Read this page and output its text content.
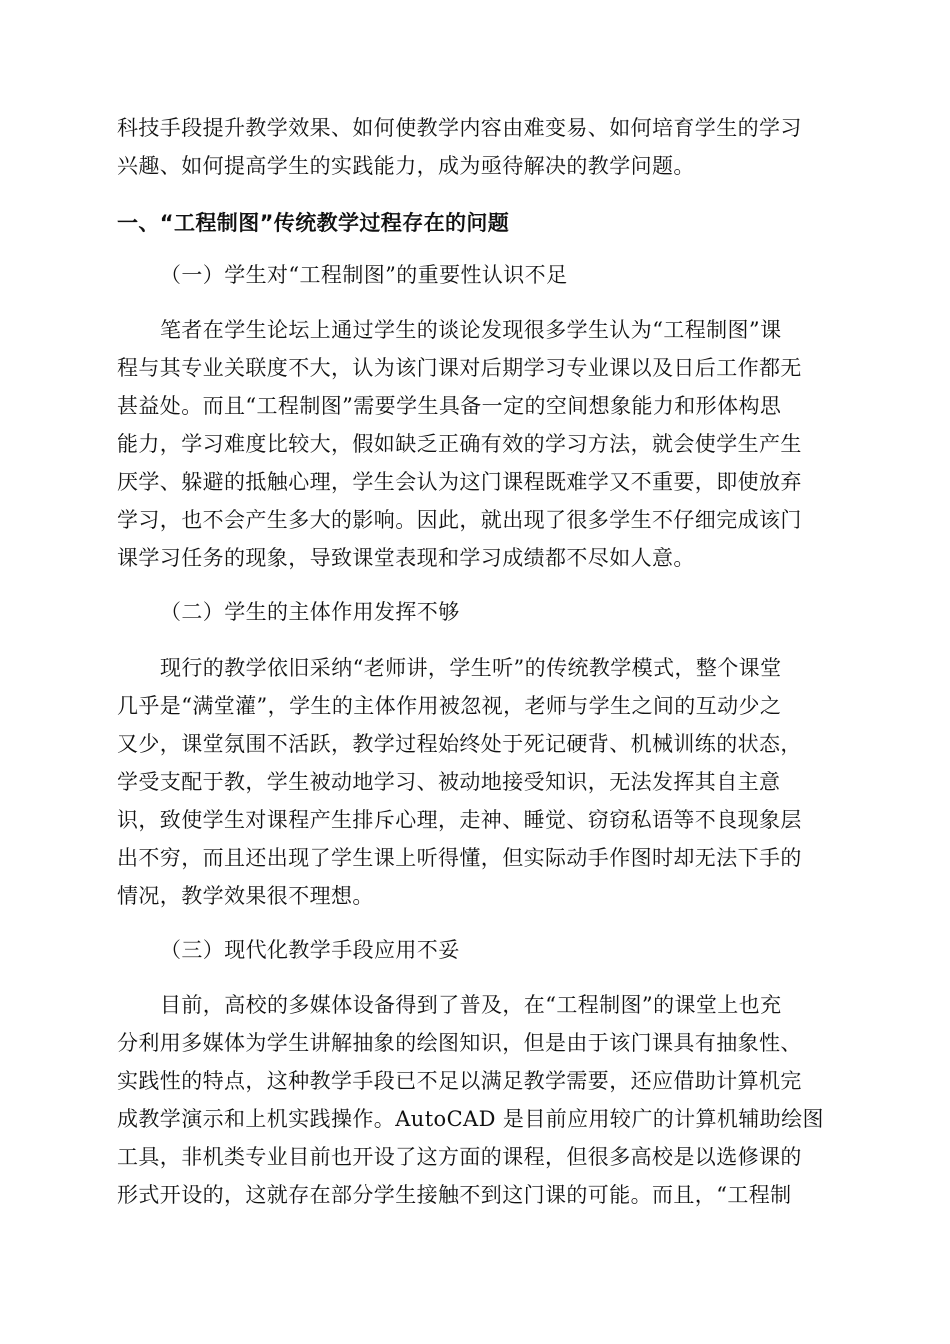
科技手段提升教学效果、如何使教学内容由难变易、如何培育学生的学习
兴趣、如何提高学生的实践能力，成为亟待解决的教学问题。
一、“工程制图”传统教学过程存在的问题
（一）学生对“工程制图”的重要性认识不足
笔者在学生论坛上通过学生的谈论发现很多学生认为“工程制图”课
程与其专业关联度不大，认为该门课对后期学习专业课以及日后工作都无
甚益处。而且“工程制图”需要学生具备一定的空间想象能力和形体构思
能力，学习难度比较大，假如缺乏正确有效的学习方法，就会使学生产生
厌学、躲避的抵触心理，学生会认为这门课程既难学又不重要，即使放弃
学习，也不会产生多大的影响。因此，就出现了很多学生不仔细完成该门
课学习任务的现象，导致课堂表现和学习成绩都不尽如人意。
（二）学生的主体作用发挥不够
现行的教学依旧采纳“老师讲，学生听”的传统教学模式，整个课堂
几乎是“满堂灌”，学生的主体作用被忽视，老师与学生之间的互动少之
又少，课堂氛围不活跃，教学过程始终处于死记硬背、机械训练的状态，
学受支配于教，学生被动地学习、被动地接受知识，无法发挥其自主意
识，致使学生对课程产生排斥心理，走神、睡觉、窃窃私语等不良现象层
出不穷，而且还出现了学生课上听得懂，但实际动手作图时却无法下手的
情况，教学效果很不理想。
（三）现代化教学手段应用不妥
目前，高校的多媒体设备得到了普及，在“工程制图”的课堂上也充
分利用多媒体为学生讲解抽象的绘图知识，但是由于该门课具有抽象性、
实践性的特点，这种教学手段已不足以满足教学需要，还应借助计算机完
成教学演示和上机实践操作。AutoCAD 是目前应用较广的计算机辅助绘图
工具，非机类专业目前也开设了这方面的课程，但很多高校是以选修课的
形式开设的，这就存在部分学生接触不到这门课的可能。而且，“工程制
